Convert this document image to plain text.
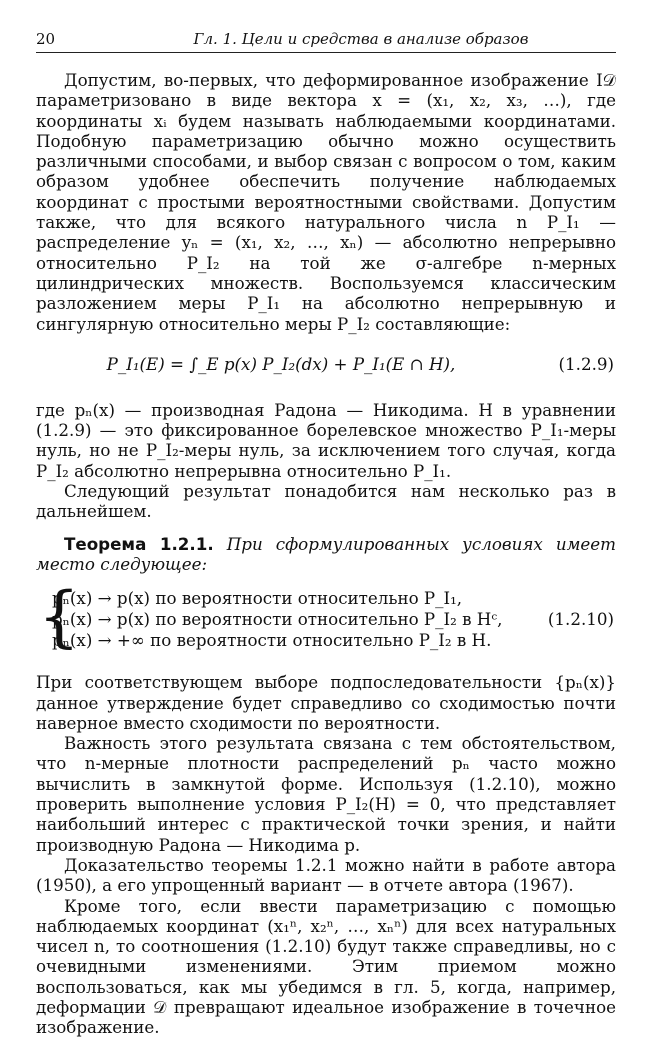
20	Гл. 1. Цели и средства в анализе образов

Допустим, во-первых, что деформированное изображение I𝒟 параметризовано в виде вектора x = (x₁, x₂, x₃, …), где координаты xᵢ будем называть наблюдаемыми координатами. Подобную параметризацию обычно можно осуществить различными способами, и выбор связан с вопросом о том, каким образом удобнее обеспечить получение наблюдаемых координат с простыми вероятностными свойствами. Допустим также, что для всякого натурального числа n P_I₁ — распределение yₙ = (x₁, x₂, …, xₙ) — абсолютно непрерывно относительно P_I₂ на той же σ-алгебре n-мерных цилиндрических множеств. Воспользуемся классическим разложением меры P_I₁ на абсолютно непрерывную и сингулярную относительно меры P_I₂ составляющие:

P_I₁(E) = ∫_E p(x) P_I₂(dx) + P_I₁(E ∩ H),	(1.2.9)

где pₙ(x) — производная Радона — Никодима. H в уравнении (1.2.9) — это фиксированное борелевское множество P_I₁-меры нуль, но не P_I₂-меры нуль, за исключением того случая, когда P_I₂ абсолютно непрерывна относительно P_I₁.

Следующий результат понадобится нам несколько раз в дальнейшем.

Теорема 1.2.1. При сформулированных условиях имеет место следующее:

{
pₙ(x) → p(x) по вероятности относительно P_I₁,
pₙ(x) → p(x) по вероятности относительно P_I₂ в Hᶜ,
pₙ(x) → +∞ по вероятности относительно P_I₂ в H.
(1.2.10)

При соответствующем выборе подпоследовательности {pₙ(x)} данное утверждение будет справедливо со сходимостью почти наверное вместо сходимости по вероятности.

Важность этого результата связана с тем обстоятельством, что n-мерные плотности распределений pₙ часто можно вычислить в замкнутой форме. Используя (1.2.10), можно проверить выполнение условия P_I₂(H) = 0, что представляет наибольший интерес с практической точки зрения, и найти производную Радона — Никодима p.

Доказательство теоремы 1.2.1 можно найти в работе автора (1950), а его упрощенный вариант — в отчете автора (1967).

Кроме того, если ввести параметризацию с помощью наблюдаемых координат (x₁ⁿ, x₂ⁿ, …, xₙⁿ) для всех натуральных чисел n, то соотношения (1.2.10) будут также справедливы, но с очевидными изменениями. Этим приемом можно воспользоваться, как мы убедимся в гл. 5, когда, например, деформации 𝒟 превращают идеальное изображение в точечное изображение.
